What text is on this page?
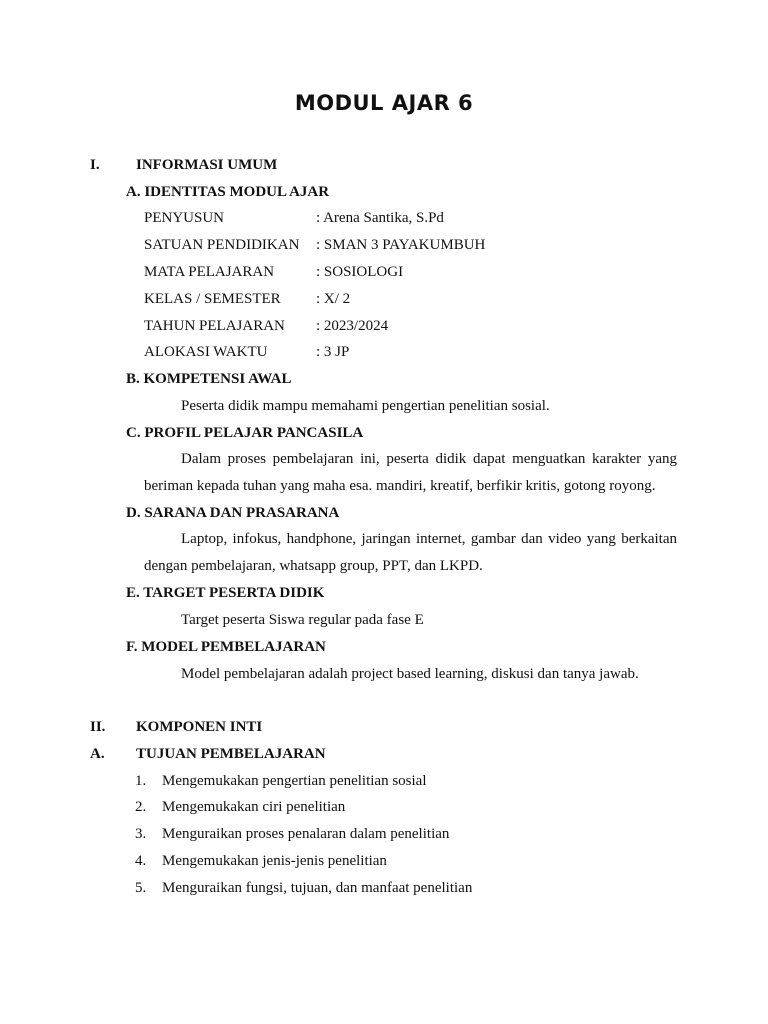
MODUL AJAR 6
I. INFORMASI UMUM
A. IDENTITAS MODUL AJAR
PENYUSUN	: Arena Santika, S.Pd
SATUAN PENDIDIKAN : SMAN 3 PAYAKUMBUH
MATA PELAJARAN	: SOSIOLOGI
KELAS / SEMESTER : X/ 2
TAHUN PELAJARAN : 2023/2024
ALOKASI WAKTU	: 3 JP
B. KOMPETENSI AWAL
Peserta didik mampu memahami pengertian penelitian sosial.
C. PROFIL PELAJAR PANCASILA
Dalam proses pembelajaran ini, peserta didik dapat menguatkan karakter yang beriman kepada tuhan yang maha esa. mandiri, kreatif, berfikir kritis, gotong royong.
D. SARANA DAN PRASARANA
Laptop, infokus, handphone, jaringan internet, gambar dan video yang berkaitan dengan pembelajaran, whatsapp group, PPT, dan LKPD.
E. TARGET PESERTA DIDIK
Target peserta Siswa regular pada fase E
F. MODEL PEMBELAJARAN
Model pembelajaran adalah project based learning, diskusi dan tanya jawab.
II. KOMPONEN INTI
A. TUJUAN PEMBELAJARAN
1. Mengemukakan pengertian penelitian sosial
2. Mengemukakan ciri penelitian
3. Menguraikan proses penalaran dalam penelitian
4. Mengemukakan jenis-jenis penelitian
5. Menguraikan fungsi, tujuan, dan manfaat penelitian
